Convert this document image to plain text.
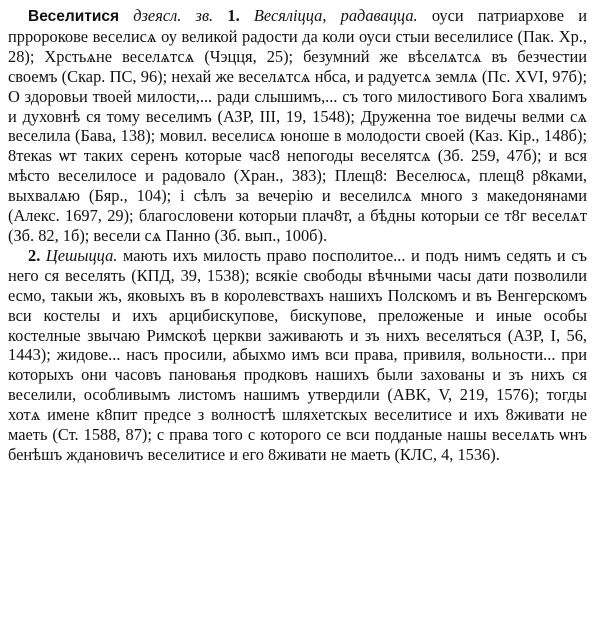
Веселитися дзеясл. зв. 1. Весяліцца, радавацца. оуси патриархове и прророкове веселисѧ оу великой радости да коли оуси стыи веселилисе (Пак. Хр., 28); Хрстьѧне веселѧтсѧ (Чэцця, 25); безумний же вѣселѧтсѧ въ безчестии своемъ (Скар. ПС, 96); нехай же веселѧтсѧ нбса, и радуетсѧ землѧ (Пс. XVI, 97б); О здоровьи твоей милости,... ради слышимъ,... съ того милостивого Бога хвалимъ и духовнѣ ся тому веселимъ (АЗР, III, 19, 1548); Друженна тое видечы велми сѧ веселила (Бава, 138); мовил. веселисѧ юноше в молодости своей (Каз. Кір., 148б); 8текаѕ ѡт таких серенъ которые час8 непогоды веселятсѧ (Зб. 259, 47б); и вся мѣсто веселилосе и радовало (Хран., 383); Плещ8: Веселюсѧ, плещ8 р8ками, выхвалѧю (Бяр., 104); і сѣлъ за вечерію и веселилсѧ много з македонянами (Алекс. 1697, 29); благословени которыи плач8т, а бѣдны которыи се т8г веселѧт (Зб. 82, 1б); весели сѧ Панно (Зб. вып., 100б).

2. Цешыцца. мають ихъ милость право посполитое... и подъ нимъ седять и съ него ся веселять (КПД, 39, 1538); всякіе свободы вѣчными часы дати позволили есмо, такыи жъ, яковыхъ въ в королевствахъ нашихъ Полскомъ и въ Венгерскомъ вси костелы и ихъ арцибискупове, бискупове, преложеные и иные особы костелные звычаю Римскоѣ церкви заживають и зъ нихъ веселяться (АЗР, I, 56, 1443); жидове... насъ просили, абыхмо имъ вси права, привиля, вольности... при которыхъ они часовъ пановањя продковъ нашихъ были захованы и зъ нихъ ся веселили, особливымъ листомъ нашимъ утвердили (АВК, V, 219, 1576); тогды хотѧ имене к8пит предсе з волностѣ шляхетскых веселитисе и ихъ 8живати не маеть (Ст. 1588, 87); с права того с которого се вси подданые нашы веселѧть ѡнъ бенѣшъ ждановичъ веселитисе и его 8живати не маеть (КЛС, 4, 1536).
